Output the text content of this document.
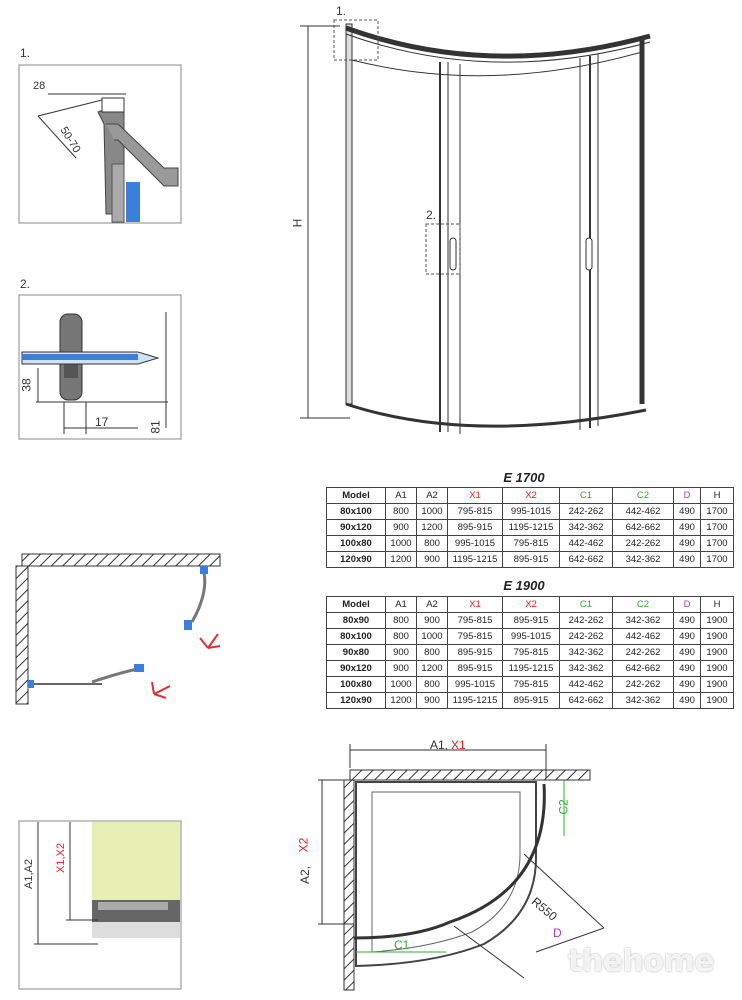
1.
28
50-70
2.
38
17	81
1.
2.
H
E 1700
Model	A1	A2	X1	X2	C1	C2	D	H
80x100	800	1000	795-815	995-1015	242-262	442-462	490	1700
90x120	900	1200	895-915	1195-1215	342-362	642-662	490	1700
100x80	1000	800	995-1015	795-815	442-462	242-262	490	1700
120x90	1200	900	1195-1215	895-915	642-662	342-362	490	1700
E 1900
Model	A1	A2	X1	X2	C1	C2	D	H
80x90	800	900	795-815	895-915	242-262	342-362	490	1900
80x100	800	1000	795-815	995-1015	242-262	442-462	490	1900
90x80	900	800	895-915	795-815	342-362	242-262	490	1900
90x120	900	1200	895-915	1195-1215	342-362	642-662	490	1900
100x80	1000	800	995-1015	795-815	442-462	242-262	490	1900
120x90	1200	900	1195-1215	895-915	642-662	342-362	490	1900
A1,A2
X1,X2
A1, X1
A2,
X2
C1
C2
R550
D
thehome
